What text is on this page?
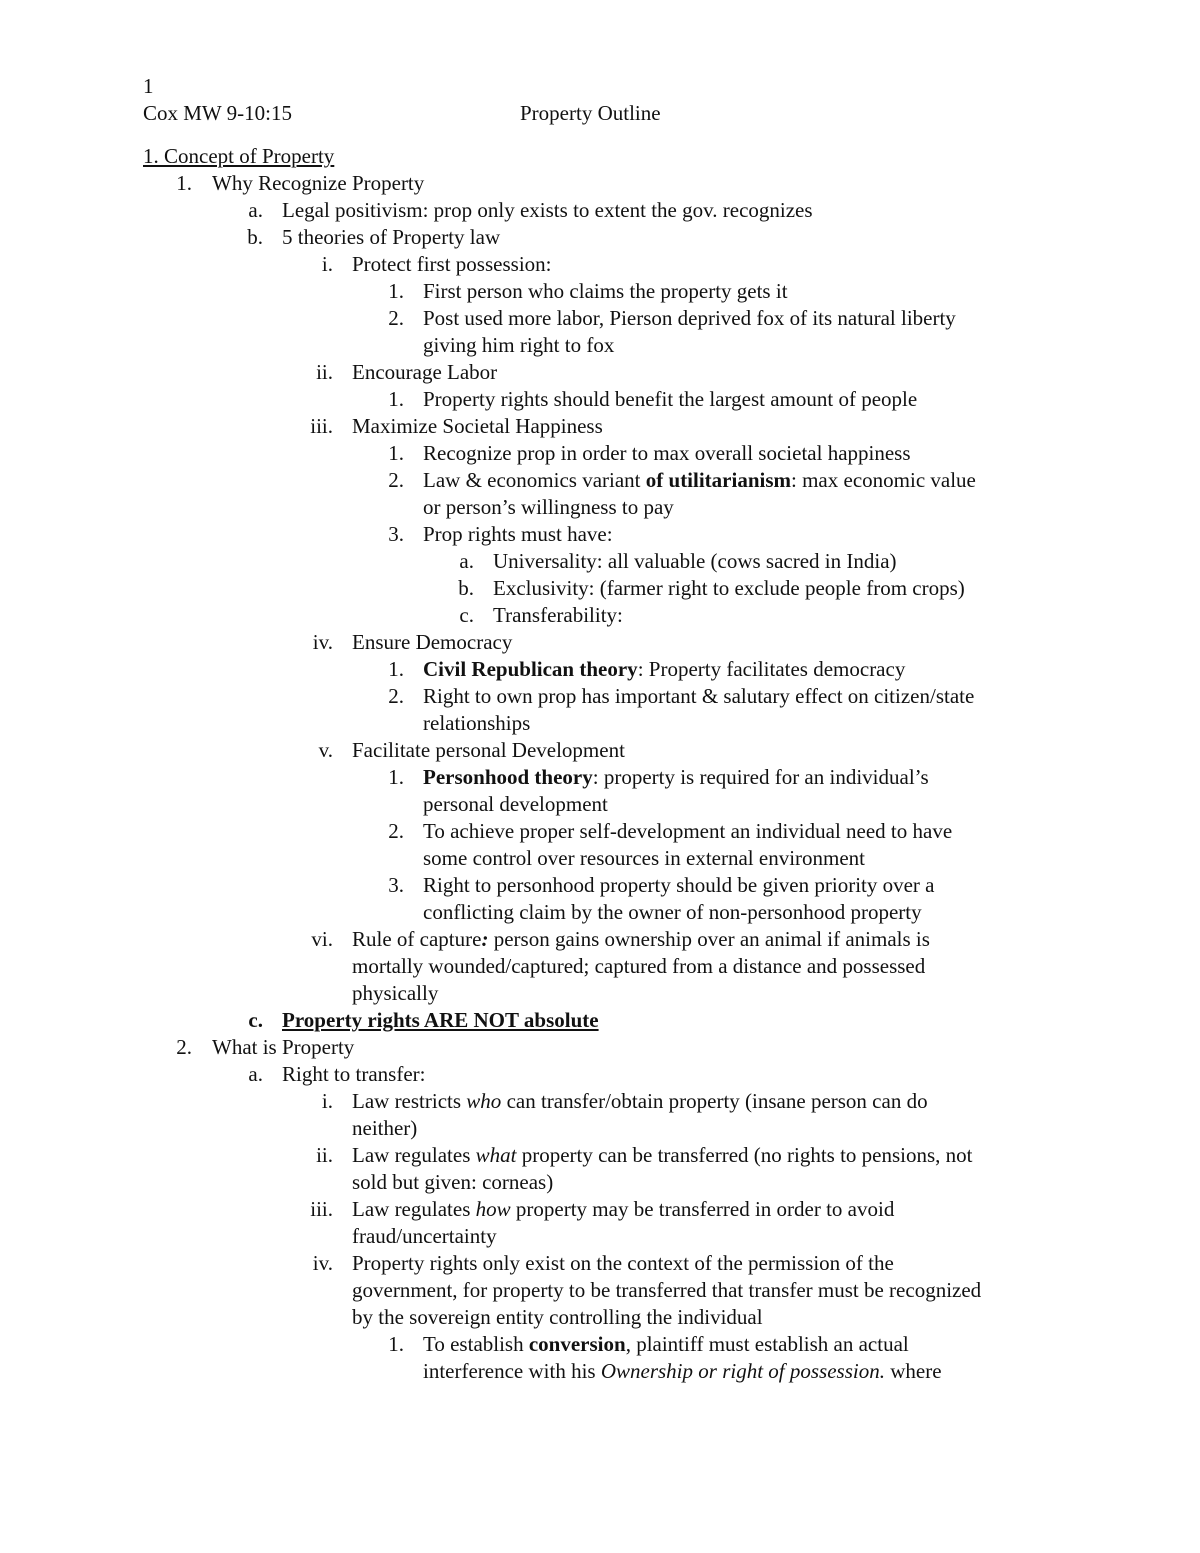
1
Cox MW 9-10:15	Property Outline
1. Concept of Property
1. Why Recognize Property
a. Legal positivism: prop only exists to extent the gov. recognizes
b. 5 theories of Property law
i. Protect first possession:
1. First person who claims the property gets it
2. Post used more labor, Pierson deprived fox of its natural liberty
giving him right to fox
ii. Encourage Labor
1. Property rights should benefit the largest amount of people
iii. Maximize Societal Happiness
1. Recognize prop in order to max overall societal happiness
2. Law & economics variant of utilitarianism: max economic value
or person’s willingness to pay
3. Prop rights must have:
a. Universality: all valuable (cows sacred in India)
b. Exclusivity: (farmer right to exclude people from crops)
c. Transferability:
iv. Ensure Democracy
1. Civil Republican theory: Property facilitates democracy
2. Right to own prop has important & salutary effect on citizen/state
relationships
v. Facilitate personal Development
1. Personhood theory: property is required for an individual’s
personal development
2. To achieve proper self-development an individual need to have
some control over resources in external environment
3. Right to personhood property should be given priority over a
conflicting claim by the owner of non-personhood property
vi. Rule of capture: person gains ownership over an animal if animals is
mortally wounded/captured; captured from a distance and possessed
physically
c. Property rights ARE NOT absolute
2. What is Property
a. Right to transfer:
i. Law restricts who can transfer/obtain property (insane person can do
neither)
ii. Law regulates what property can be transferred (no rights to pensions, not
sold but given: corneas)
iii. Law regulates how property may be transferred in order to avoid
fraud/uncertainty
iv. Property rights only exist on the context of the permission of the
government, for property to be transferred that transfer must be recognized
by the sovereign entity controlling the individual
1. To establish conversion, plaintiff must establish an actual
interference with his Ownership or right of possession. where
